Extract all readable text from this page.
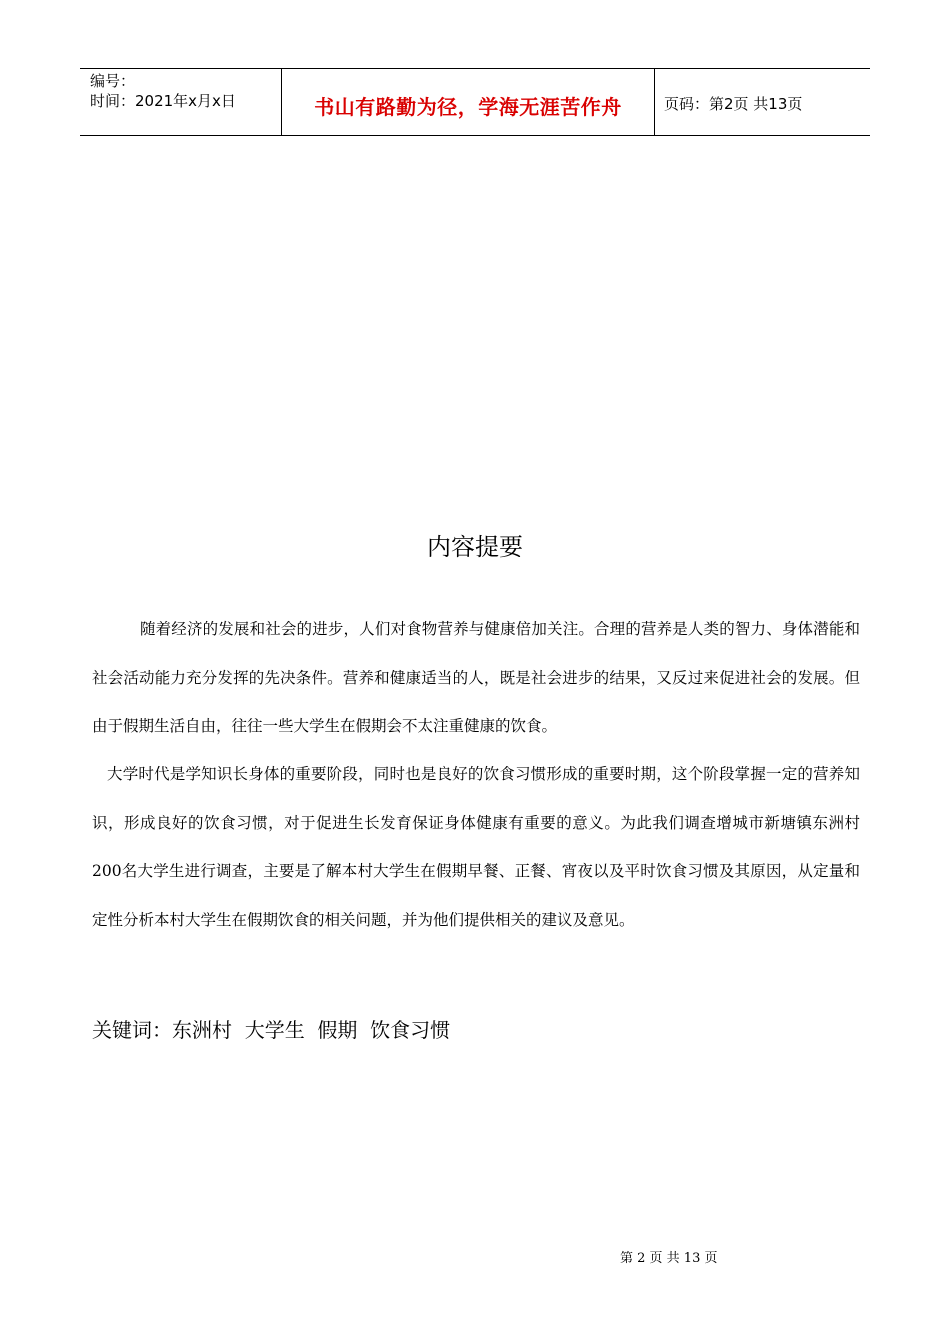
编号：
时间：2021年x月x日	书山有路勤为径，学海无涯苦作舟	页码：第2页 共13页
内容提要

随着经济的发展和社会的进步，人们对食物营养与健康倍加关注。合理的营养是人类的智力、身体潜能和社会活动能力充分发挥的先决条件。营养和健康适当的人，既是社会进步的结果，又反过来促进社会的发展。但由于假期生活自由，往往一些大学生在假期会不太注重健康的饮食。

大学时代是学知识长身体的重要阶段，同时也是良好的饮食习惯形成的重要时期，这个阶段掌握一定的营养知识，形成良好的饮食习惯，对于促进生长发育保证身体健康有重要的意义。为此我们调查增城市新塘镇东洲村200名大学生进行调查，主要是了解本村大学生在假期早餐、正餐、宵夜以及平时饮食习惯及其原因，从定量和定性分析本村大学生在假期饮食的相关问题，并为他们提供相关的建议及意见。

关键词：东洲村  大学生  假期  饮食习惯
第 2 页 共 13 页
